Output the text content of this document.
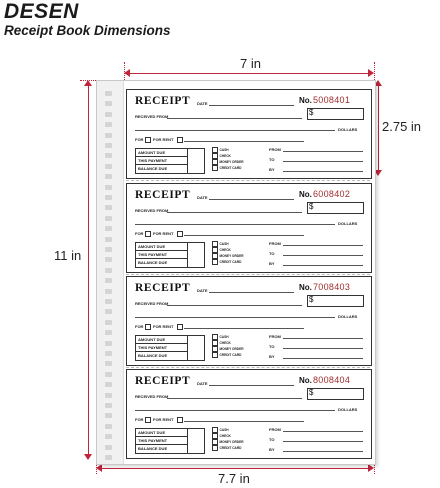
DESEN
Receipt Book Dimensions
7 in
2.75 in
11 in
7.7 in
RECEIPT DATE	No. 5008401
$
RECEIVED FROM
DOLLARS
FOR FOR RENT
AMOUNT DUE
THIS PAYMENT
BALANCE DUE
CASH
CHECK
MONEY ORDER
CREDIT CARD
FROM
TO
BY
RECEIPT DATE	No. 6008402
$
RECEIVED FROM
DOLLARS
FOR FOR RENT
AMOUNT DUE
THIS PAYMENT
BALANCE DUE
CASH
CHECK
MONEY ORDER
CREDIT CARD
FROM
TO
BY
RECEIPT DATE	No. 7008403
$
RECEIVED FROM
DOLLARS
FOR FOR RENT
AMOUNT DUE
THIS PAYMENT
BALANCE DUE
CASH
CHECK
MONEY ORDER
CREDIT CARD
FROM
TO
BY
RECEIPT DATE	No. 8008404
$
RECEIVED FROM
DOLLARS
FOR FOR RENT
AMOUNT DUE
THIS PAYMENT
BALANCE DUE
CASH
CHECK
MONEY ORDER
CREDIT CARD
FROM
TO
BY
